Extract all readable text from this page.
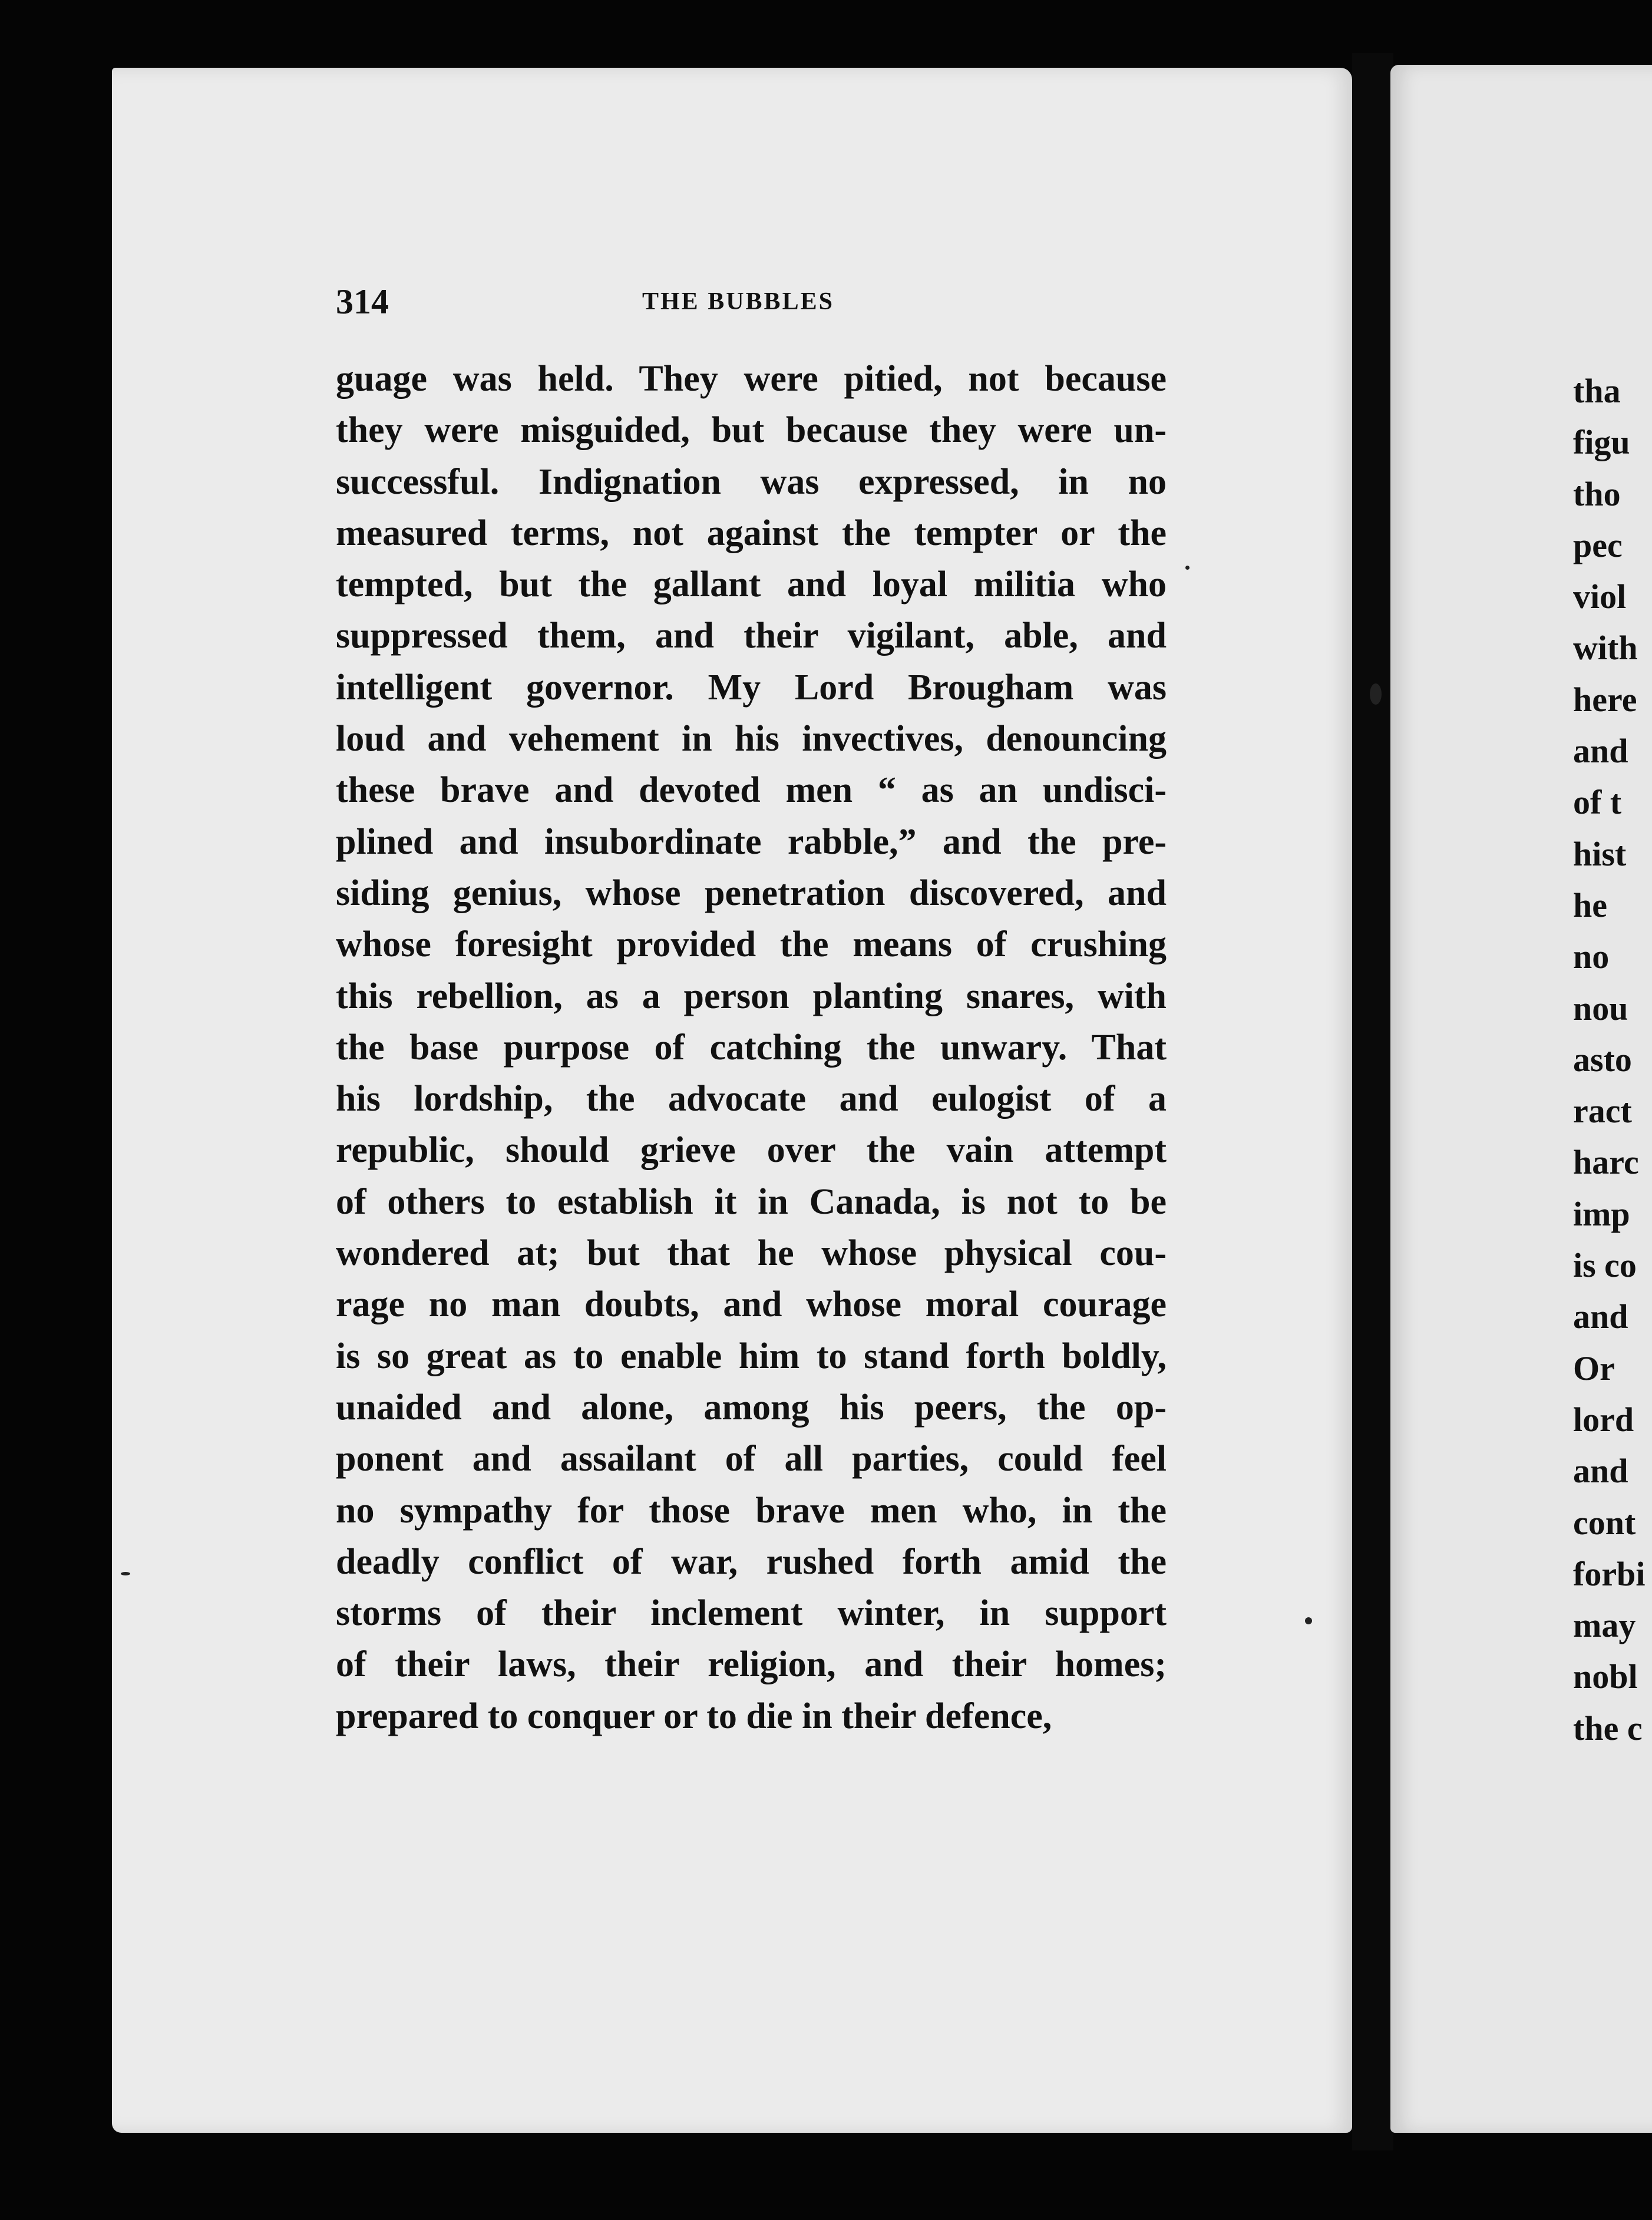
314	THE BUBBLES
guage was held. They were pitied, not because
they were misguided, but because they were un-
successful. Indignation was expressed, in no
measured terms, not against the tempter or the
tempted, but the gallant and loyal militia who
suppressed them, and their vigilant, able, and
intelligent governor. My Lord Brougham was
loud and vehement in his invectives, denouncing
these brave and devoted men “ as an undisci-
plined and insubordinate rabble,” and the pre-
siding genius, whose penetration discovered, and
whose foresight provided the means of crushing
this rebellion, as a person planting snares, with
the base purpose of catching the unwary. That
his lordship, the advocate and eulogist of a
republic, should grieve over the vain attempt
of others to establish it in Canada, is not to be
wondered at; but that he whose physical cou-
rage no man doubts, and whose moral courage
is so great as to enable him to stand forth boldly,
unaided and alone, among his peers, the op-
ponent and assailant of all parties, could feel
no sympathy for those brave men who, in the
deadly conflict of war, rushed forth amid the
storms of their inclement winter, in support
of their laws, their religion, and their homes;
prepared to conquer or to die in their defence,
tha
figu
tho
pec
viol
with
here
and
of t
hist
he
no
nou
asto
ract
harc
imp
is co
and
Or
lord
and
cont
forbi
may
nobl
the c
